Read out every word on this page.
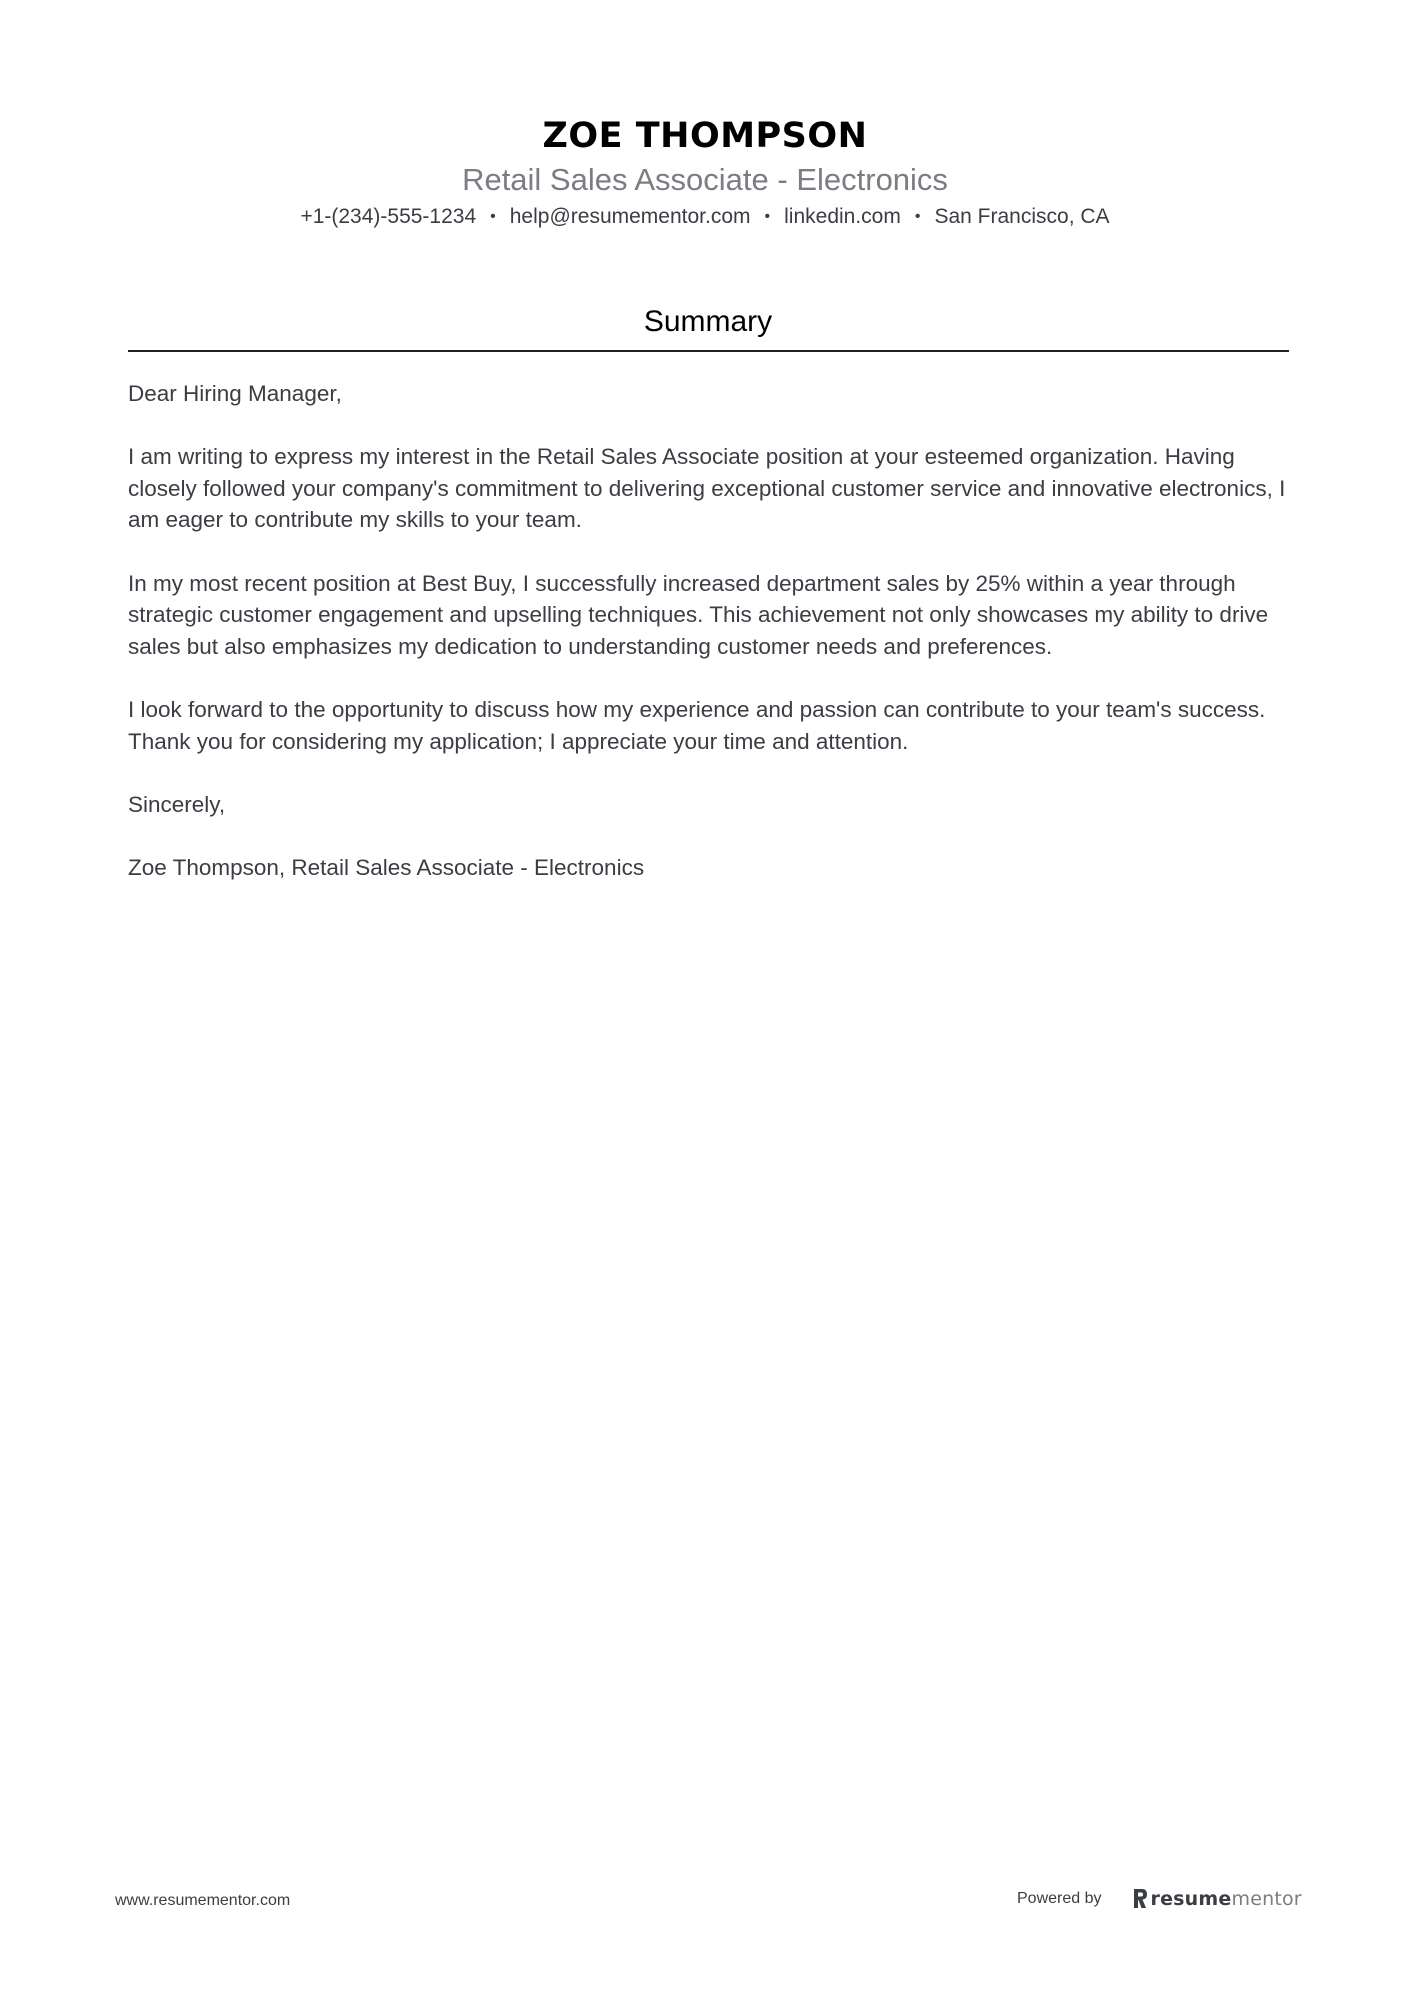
ZOE THOMPSON
Retail Sales Associate - Electronics
+1-(234)-555-1234 • help@resumementor.com • linkedin.com • San Francisco, CA
Summary

Dear Hiring Manager,

I am writing to express my interest in the Retail Sales Associate position at your esteemed organization. Having closely followed your company's commitment to delivering exceptional customer service and innovative electronics, I am eager to contribute my skills to your team.

In my most recent position at Best Buy, I successfully increased department sales by 25% within a year through strategic customer engagement and upselling techniques. This achievement not only showcases my ability to drive sales but also emphasizes my dedication to understanding customer needs and preferences.

I look forward to the opportunity to discuss how my experience and passion can contribute to your team's success. Thank you for considering my application; I appreciate your time and attention.

Sincerely,

Zoe Thompson, Retail Sales Associate - Electronics

www.resumementor.com	Powered by	resumementor
